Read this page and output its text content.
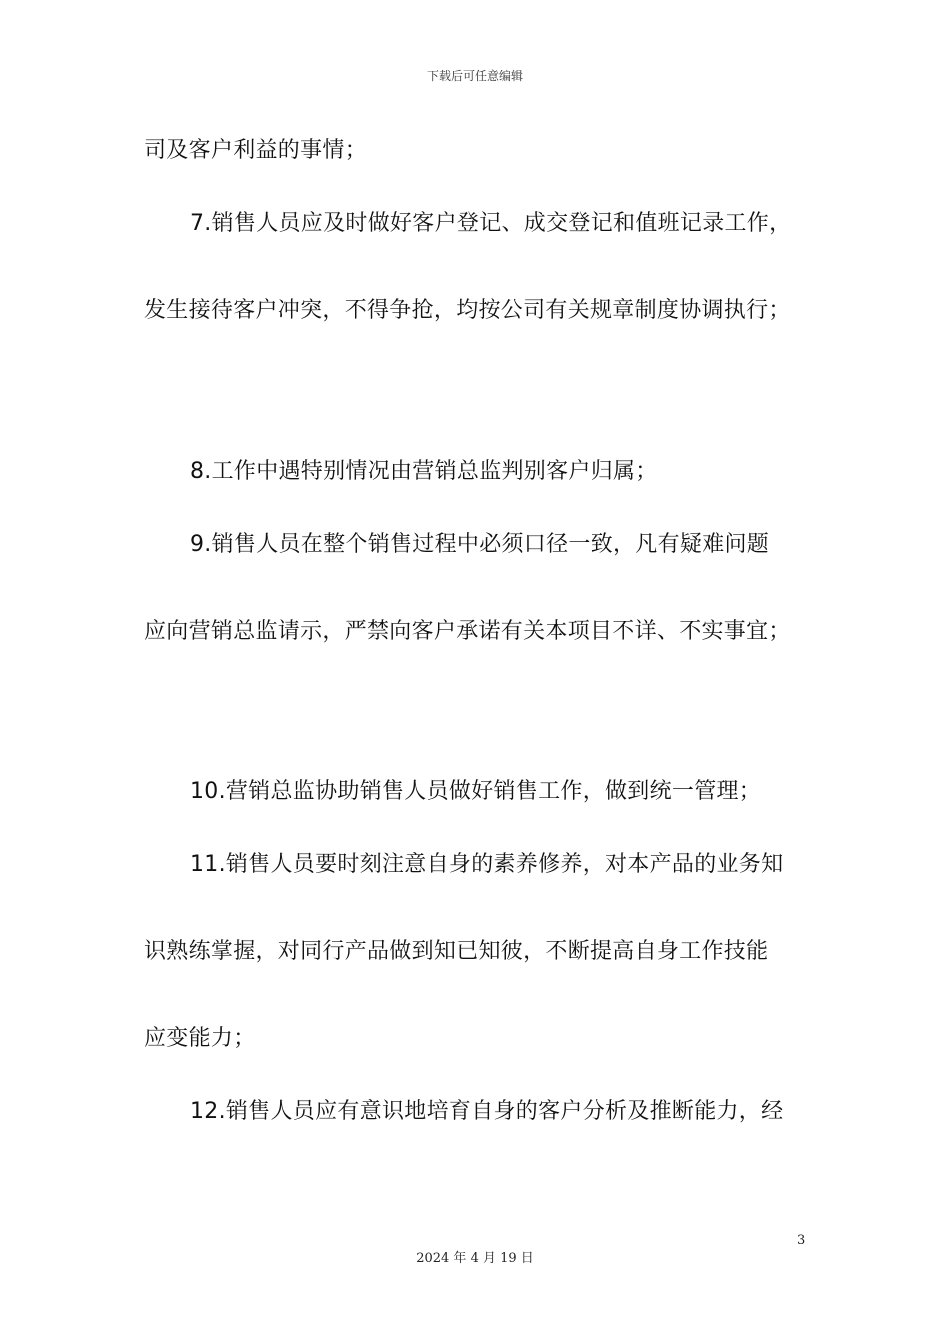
下载后可任意编辑
司及客户利益的事情；
7.销售人员应及时做好客户登记、成交登记和值班记录工作，
发生接待客户冲突，不得争抢，均按公司有关规章制度协调执行；
8.工作中遇特别情况由营销总监判别客户归属；
9.销售人员在整个销售过程中必须口径一致，凡有疑难问题
应向营销总监请示，严禁向客户承诺有关本项目不详、不实事宜；
10.营销总监协助销售人员做好销售工作，做到统一管理；
11.销售人员要时刻注意自身的素养修养，对本产品的业务知
识熟练掌握，对同行产品做到知已知彼，不断提高自身工作技能
应变能力；
12.销售人员应有意识地培育自身的客户分析及推断能力，经
3
2024 年 4 月 19 日
